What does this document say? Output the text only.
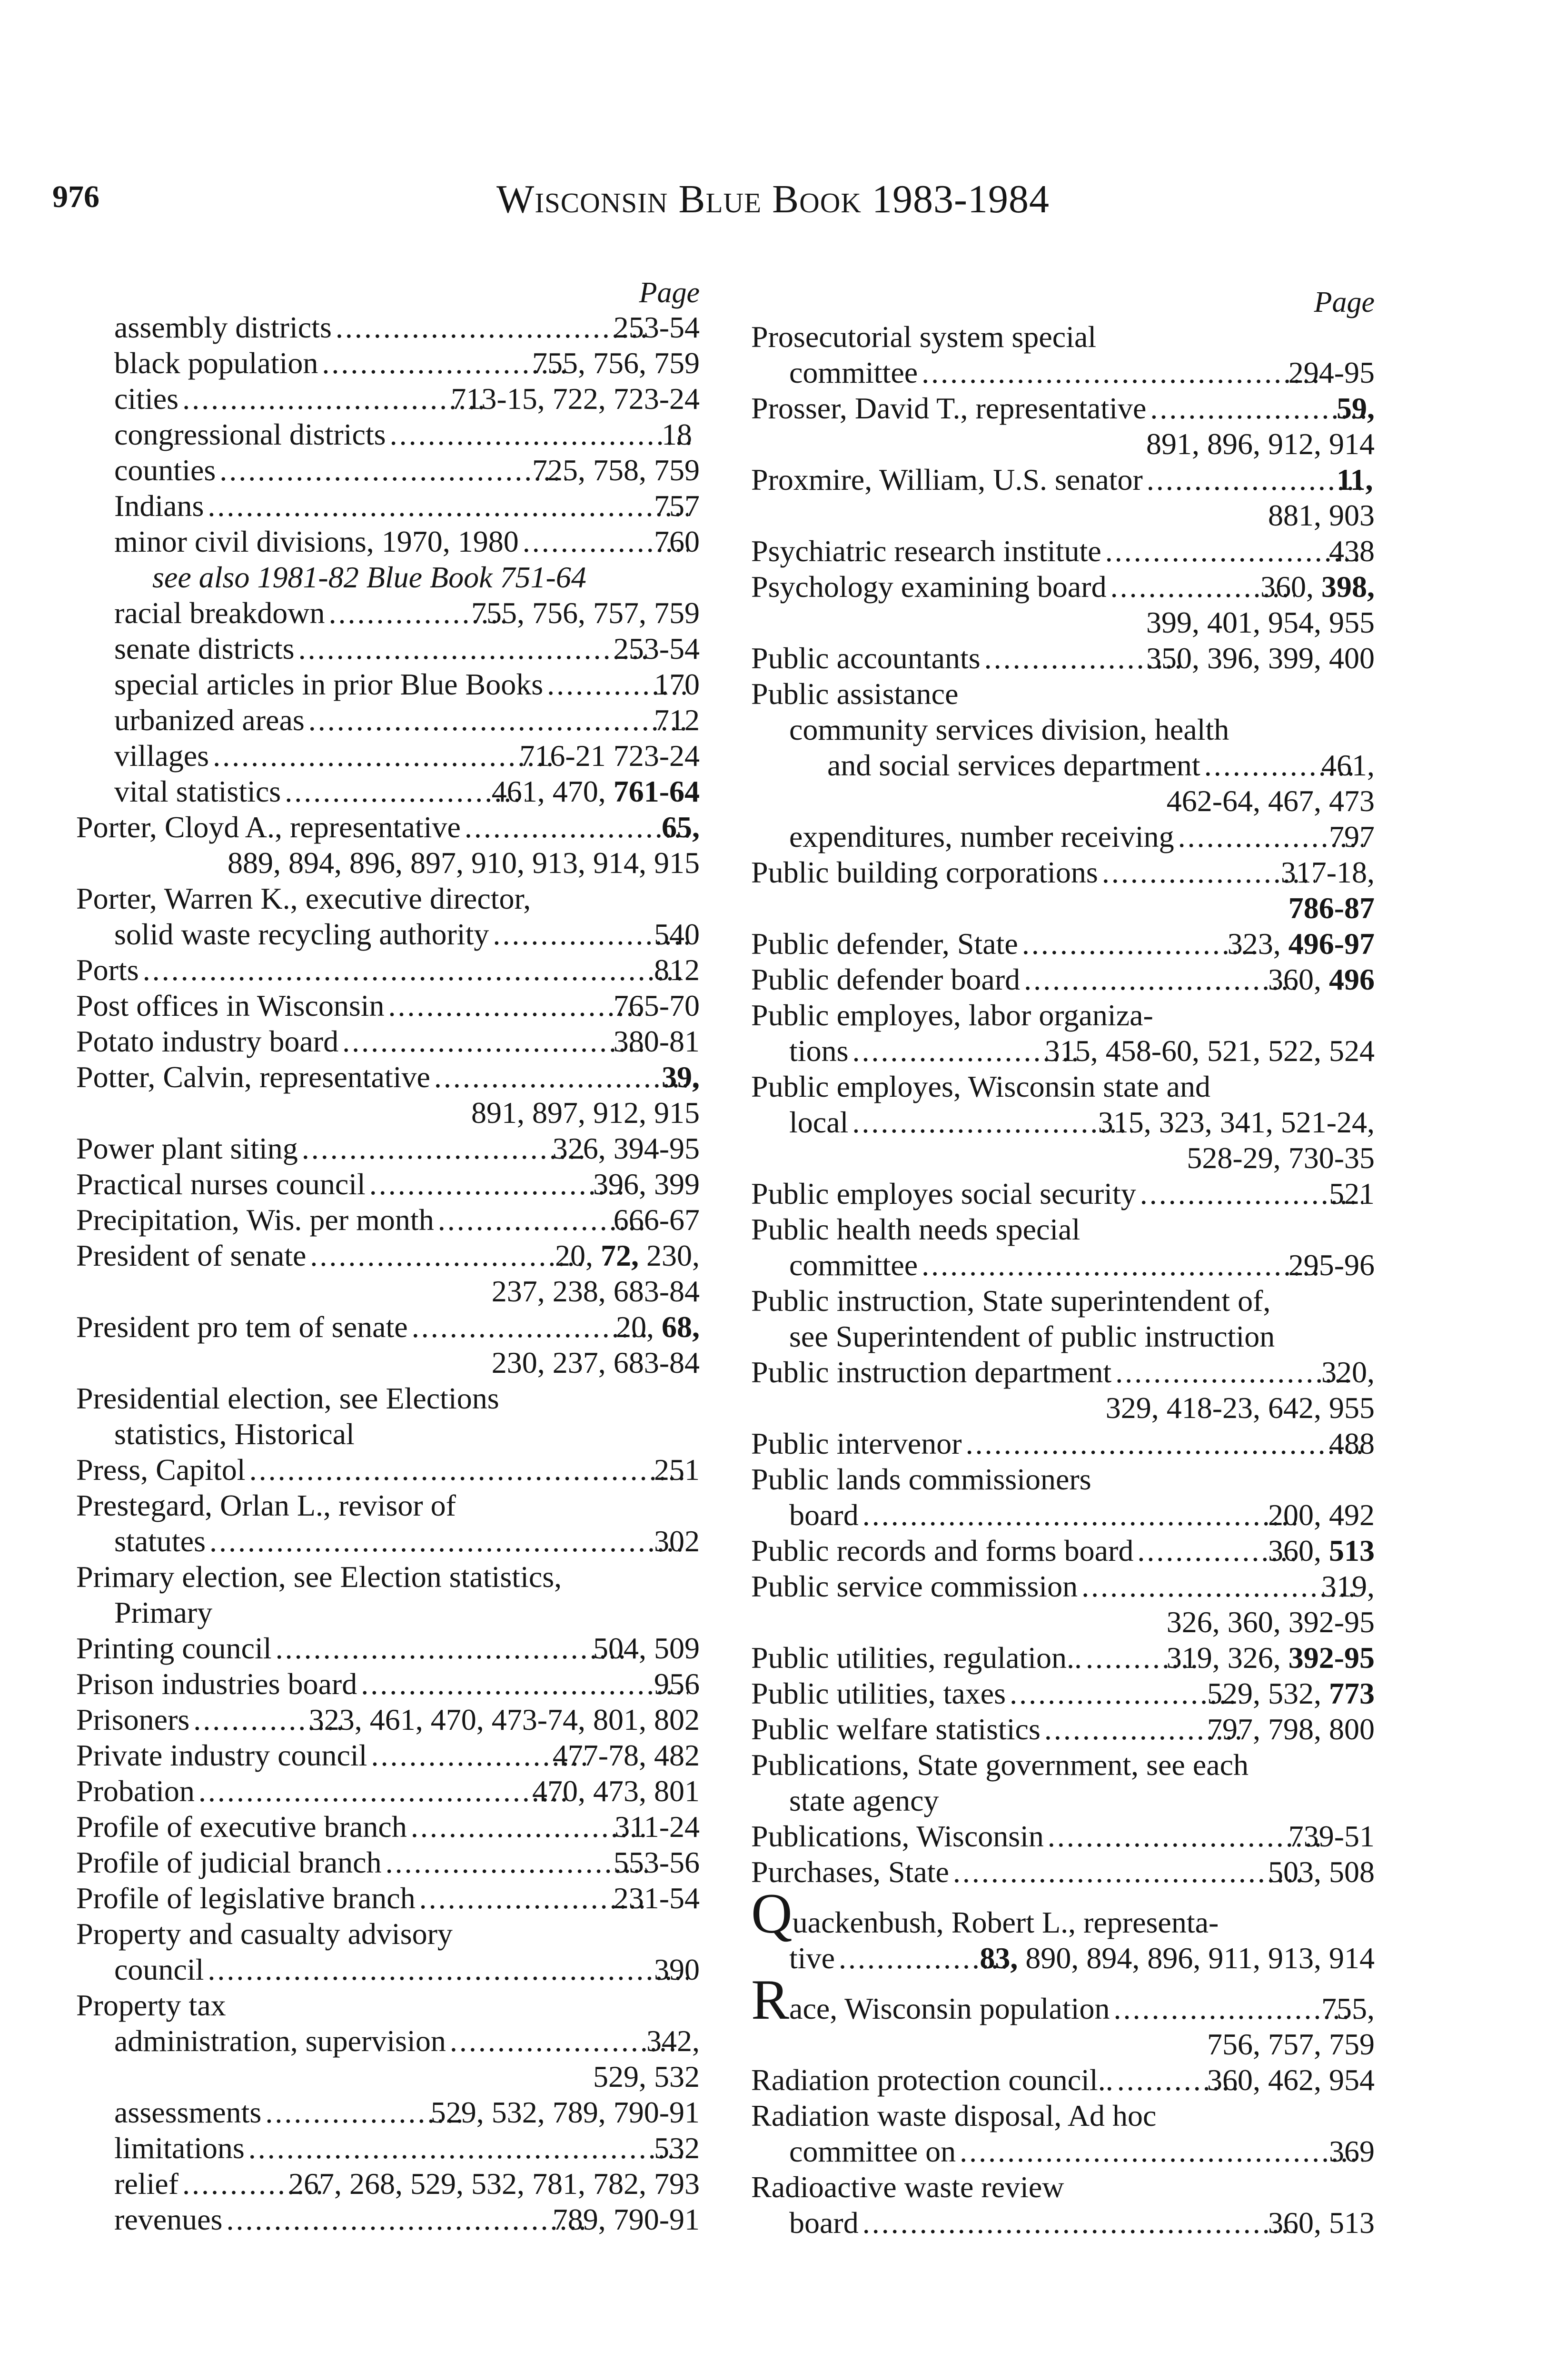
976	Wisconsin Blue Book 1983-1984
Page
assembly districts .....	253-54
black population .....	755, 756, 759
cities .....	713-15, 722, 723-24
congressional districts .....	18
counties .....	725, 758, 759
Indians .....	757
minor civil divisions, 1970, 1980 .....	760
see also 1981-82 Blue Book 751-64
racial breakdown .....	755, 756, 757, 759
senate districts .....	253-54
special articles in prior Blue Books .....	170
urbanized areas .....	712
villages .....	716-21 723-24
vital statistics .....	461, 470, 761-64
Porter, Cloyd A., representative .....	65,
889, 894, 896, 897, 910, 913, 914, 915
Porter, Warren K., executive director,
solid waste recycling authority .....	540
Ports .....	812
Post offices in Wisconsin .....	765-70
Potato industry board .....	380-81
Potter, Calvin, representative .....	39,
891, 897, 912, 915
Power plant siting .....	326, 394-95
Practical nurses council .....	396, 399
Precipitation, Wis. per month .....	666-67
President of senate .....	20, 72, 230,
237, 238, 683-84
President pro tem of senate .....	20, 68,
230, 237, 683-84
Presidential election, see Elections
statistics, Historical
Press, Capitol .....	251
Prestegard, Orlan L., revisor of
statutes .....	302
Primary election, see Election statistics,
Primary
Printing council .....	504, 509
Prison industries board .....	956
Prisoners .....	323, 461, 470, 473-74, 801, 802
Private industry council .....	477-78, 482
Probation .....	470, 473, 801
Profile of executive branch .....	311-24
Profile of judicial branch .....	553-56
Profile of legislative branch .....	231-54
Property and casualty advisory
council .....	390
Property tax
administration, supervision .....	342,
529, 532
assessments .....	529, 532, 789, 790-91
limitations .....	532
relief .....	267, 268, 529, 532, 781, 782, 793
revenues .....	789, 790-91
Page
Prosecutorial system special
committee .....	294-95
Prosser, David T., representative .....	59,
891, 896, 912, 914
Proxmire, William, U.S. senator .....	11,
881, 903
Psychiatric research institute .....	438
Psychology examining board .....	360, 398,
399, 401, 954, 955
Public accountants .....	350, 396, 399, 400
Public assistance
community services division, health
and social services department .....	461,
462-64, 467, 473
expenditures, number receiving .....	797
Public building corporations .....	317-18,
786-87
Public defender, State .....	323, 496-97
Public defender board .....	360, 496
Public employes, labor organiza-
tions .....	315, 458-60, 521, 522, 524
Public employes, Wisconsin state and
local .....	315, 323, 341, 521-24,
528-29, 730-35
Public employes social security .....	521
Public health needs special
committee .....	295-96
Public instruction, State superintendent of,
see Superintendent of public instruction
Public instruction department .....	320,
329, 418-23, 642, 955
Public intervenor .....	488
Public lands commissioners
board .....	200, 492
Public records and forms board .....	360, 513
Public service commission .....	319,
326, 360, 392-95
Public utilities, regulation.. .....	319, 326, 392-95
Public utilities, taxes .....	529, 532, 773
Public welfare statistics .....	797, 798, 800
Publications, State government, see each
state agency
Publications, Wisconsin .....	739-51
Purchases, State .....	503, 508
Quackenbush, Robert L., representa-
tive .....	83, 890, 894, 896, 911, 913, 914
Race, Wisconsin population .....	755,
756, 757, 759
Radiation protection council.. .....	360, 462, 954
Radiation waste disposal, Ad hoc
committee on .....	369
Radioactive waste review
board .....	360, 513
